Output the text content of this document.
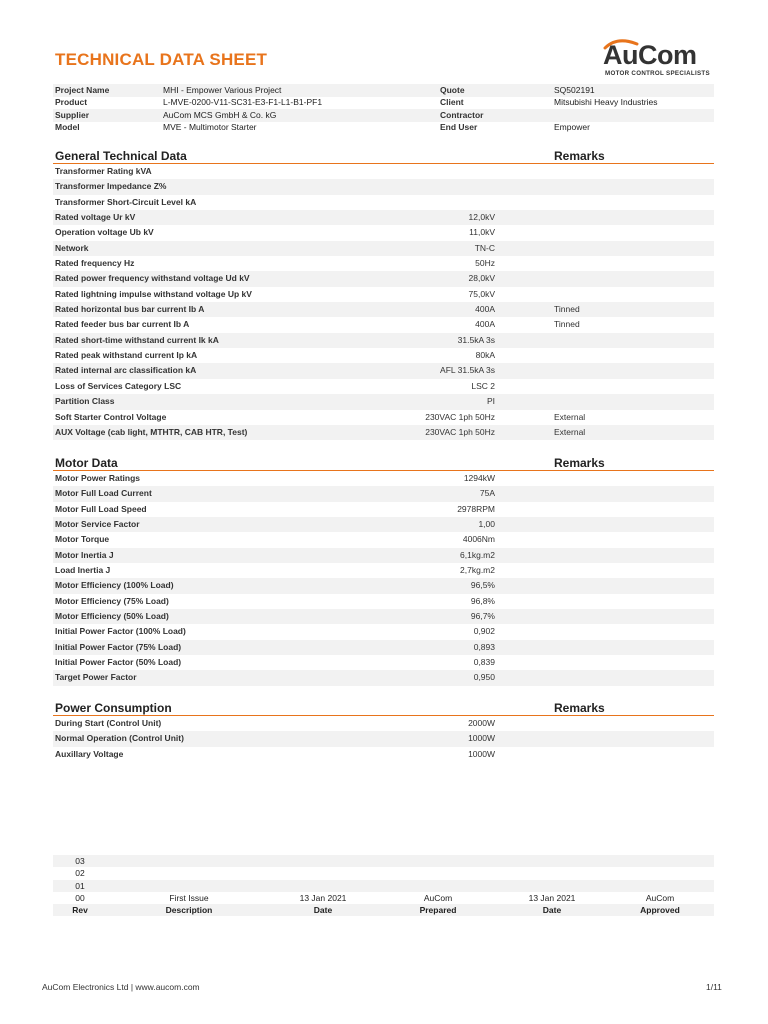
TECHNICAL DATA SHEET	AuCom
MOTOR CONTROL SPECIALISTS
Project Name	MHI - Empower Various Project	Quote	SQ502191
Product	L-MVE-0200-V11-SC31-E3-F1-L1-B1-PF1	Client	Mitsubishi Heavy Industries
Supplier	AuCom MCS GmbH & Co. kG	Contractor
Model	MVE - Multimotor Starter	End User	Empower
General Technical Data	Remarks
Transformer Rating kVA
Transformer Impedance Z%
Transformer Short-Circuit Level kA
Rated voltage Ur kV	12,0kV
Operation voltage Ub kV	11,0kV
Network	TN-C
Rated frequency Hz	50Hz
Rated power frequency withstand voltage Ud kV	28,0kV
Rated lightning impulse withstand voltage Up kV	75,0kV
Rated horizontal bus bar current Ib A	400A	Tinned
Rated feeder bus bar current Ib A	400A	Tinned
Rated short-time withstand current Ik kA	31.5kA 3s
Rated peak withstand current Ip kA	80kA
Rated internal arc classification kA	AFL 31.5kA 3s
Loss of Services Category LSC	LSC 2
Partition Class	PI
Soft Starter Control Voltage	230VAC 1ph 50Hz	External
AUX Voltage (cab light, MTHTR, CAB HTR, Test)	230VAC 1ph 50Hz	External
Motor Data	Remarks
Motor Power Ratings	1294kW
Motor Full Load Current	75A
Motor Full Load Speed	2978RPM
Motor Service Factor	1,00
Motor Torque	4006Nm
Motor Inertia J	6,1kg.m2
Load Inertia J	2,7kg.m2
Motor Efficiency (100% Load)	96,5%
Motor Efficiency (75% Load)	96,8%
Motor Efficiency (50% Load)	96,7%
Initial Power Factor (100% Load)	0,902
Initial Power Factor (75% Load)	0,893
Initial Power Factor (50% Load)	0,839
Target Power Factor	0,950
Power Consumption	Remarks
During Start (Control Unit)	2000W
Normal Operation (Control Unit)	1000W
Auxillary Voltage	1000W
03
02
01
00	First Issue	13 Jan 2021	AuCom	13 Jan 2021	AuCom
Rev	Description	Date	Prepared	Date	Approved
AuCom Electronics Ltd | www.aucom.com	1/11
